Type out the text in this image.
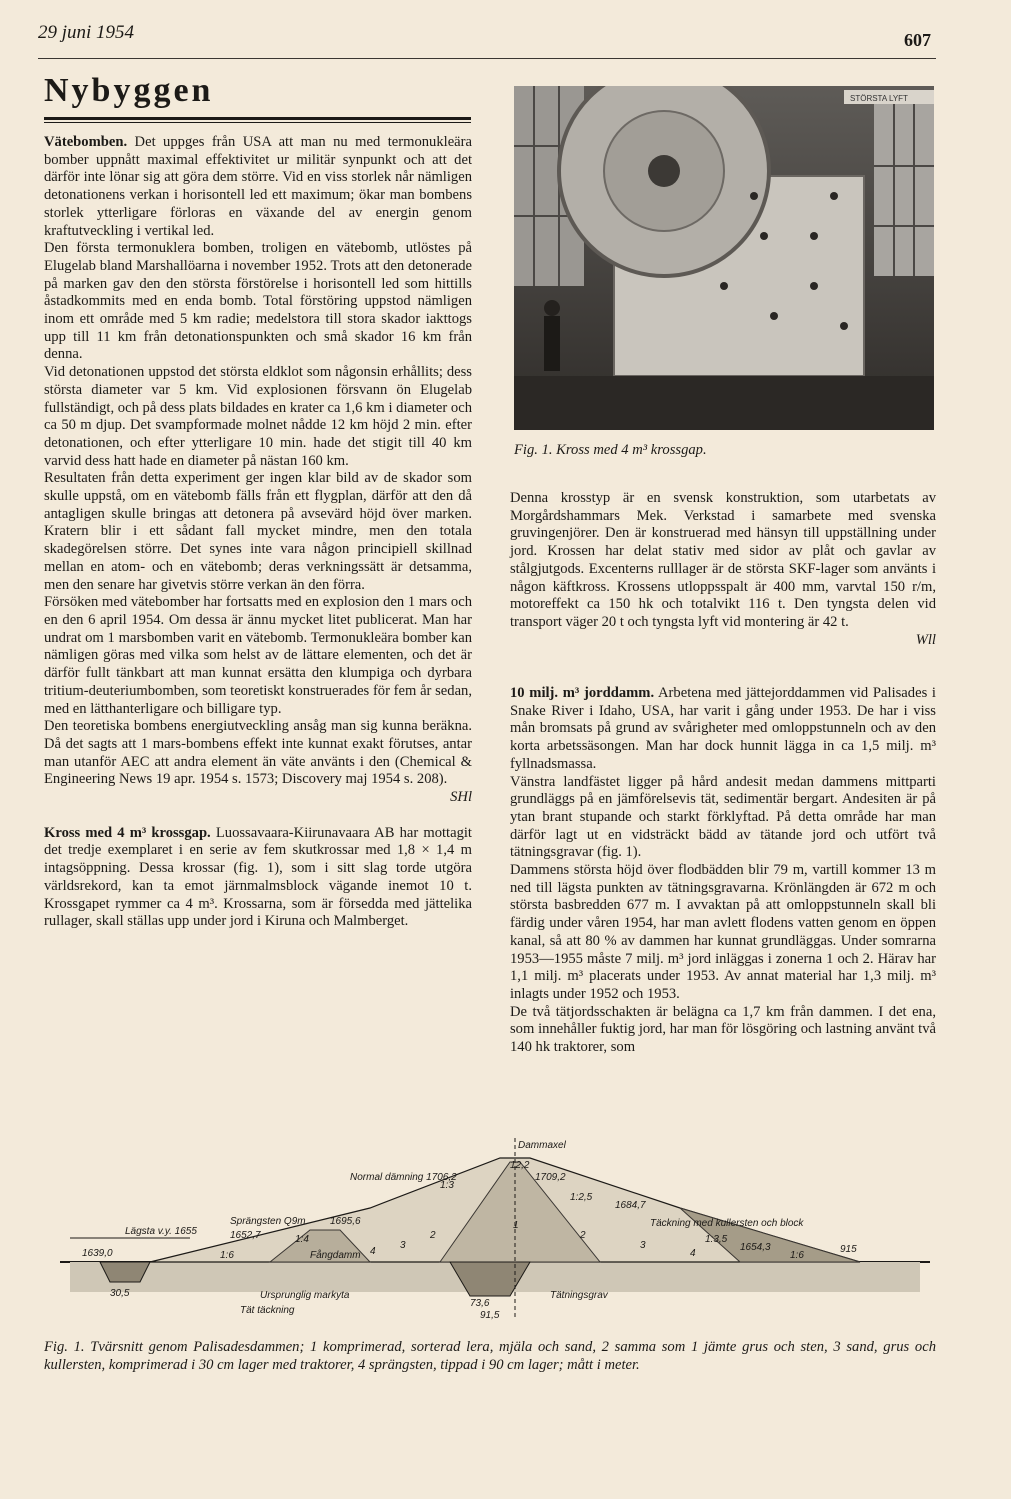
29 juni 1954	607
Nybyggen

Vätebomben. Det uppges från USA att man nu med termonukleära bomber uppnått maximal effektivitet ur militär synpunkt och att det därför inte lönar sig att göra dem större. Vid en viss storlek når nämligen detonationens verkan i horisontell led ett maximum; ökar man bombens storlek ytterligare förloras en växande del av energin genom kraftutveckling i vertikal led.

Den första termonuklera bomben, troligen en vätebomb, utlöstes på Elugelab bland Marshallöarna i november 1952. Trots att den detonerade på marken gav den den största förstörelse i horisontell led som hittills åstadkommits med en enda bomb. Total förstöring uppstod nämligen inom ett område med 5 km radie; medelstora till stora skador iakttogs upp till 11 km från detonationspunkten och små skador 16 km från denna.

Vid detonationen uppstod det största eldklot som någonsin erhållits; dess största diameter var 5 km. Vid explosionen försvann ön Elugelab fullständigt, och på dess plats bildades en krater ca 1,6 km i diameter och ca 50 m djup. Det svampformade molnet nådde 12 km höjd 2 min. efter detonationen, och efter ytterligare 10 min. hade det stigit till 40 km varvid dess hatt hade en diameter på nästan 160 km.

Resultaten från detta experiment ger ingen klar bild av de skador som skulle uppstå, om en vätebomb fälls från ett flygplan, därför att den då antagligen skulle bringas att detonera på avsevärd höjd över marken. Kratern blir i ett sådant fall mycket mindre, men den totala skadegörelsen större. Det synes inte vara någon principiell skillnad mellan en atom- och en vätebomb; deras verkningssätt är detsamma, men den senare har givetvis större verkan än den förra.

Försöken med vätebomber har fortsatts med en explosion den 1 mars och en den 6 april 1954. Om dessa är ännu mycket litet publicerat. Man har undrat om 1 marsbomben varit en vätebomb. Termonukleära bomber kan nämligen göras med vilka som helst av de lättare elementen, och det är därför fullt tänkbart att man kunnat ersätta den klumpiga och dyrbara tritium-deuteriumbomben, som teoretiskt konstruerades för fem år sedan, med en lätthanterligare och billigare typ.

Den teoretiska bombens energiutveckling ansåg man sig kunna beräkna. Då det sagts att 1 mars-bombens effekt inte kunnat exakt förutses, antar man utanför AEC att andra element än väte använts i den (Chemical & Engineering News 19 apr. 1954 s. 1573; Discovery maj 1954 s. 208).

SHl

Kross med 4 m³ krossgap. Luossavaara-Kiirunavaara AB har mottagit det tredje exemplaret i en serie av fem skutkrossar med 1,8 × 1,4 m intagsöppning. Dessa krossar (fig. 1), som i sitt slag torde utgöra världsrekord, kan ta emot järnmalmsblock vägande inemot 10 t. Krossgapet rymmer ca 4 m³. Krossarna, som är försedda med jättelika rullager, skall ställas upp under jord i Kiruna och Malmberget.

STÖRSTA LYFT
Fig. 1. Kross med 4 m³ krossgap.

Denna krosstyp är en svensk konstruktion, som utarbetats av Morgårdshammars Mek. Verkstad i samarbete med svenska gruvingenjörer. Den är konstruerad med hänsyn till uppställning under jord. Krossen har delat stativ med sidor av plåt och gavlar av stålgjutgods. Excenterns rulllager är de största SKF-lager som använts i någon käftkross. Krossens utloppsspalt är 400 mm, varvtal 150 r/m, motoreffekt ca 150 hk och totalvikt 116 t. Den tyngsta delen vid transport väger 20 t och tyngsta lyft vid montering är 42 t.

Wll

10 milj. m³ jorddamm. Arbetena med jättejorddammen vid Palisades i Snake River i Idaho, USA, har varit i gång under 1953. De har i viss mån bromsats på grund av svårigheter med omloppstunneln och av den korta arbetssäsongen. Man har dock hunnit lägga in ca 1,5 milj. m³ fyllnadsmassa.

Vänstra landfästet ligger på hård andesit medan dammens mittparti grundläggs på en jämförelsevis tät, sedimentär bergart. Andesiten är på ytan brant stupande och starkt förklyftad. På detta område har man därför lagt ut en vidsträckt bädd av tätande jord och utfört två tätningsgravar (fig. 1).

Dammens största höjd över flodbädden blir 79 m, vartill kommer 13 m ned till lägsta punkten av tätningsgravarna. Krönlängden är 672 m och största basbredden 677 m. I avvaktan på att omloppstunneln skall bli färdig under våren 1954, har man avlett flodens vatten genom en öppen kanal, så att 80 % av dammen har kunnat grundläggas. Under somrarna 1953—1955 måste 7 milj. m³ jord inläggas i zonerna 1 och 2. Härav har 1,1 milj. m³ placerats under 1953. Av annat material har 1,3 milj. m³ inlagts under 1952 och 1953.

De två tätjordsschakten är belägna ca 1,7 km från dammen. I det ena, som innehåller fuktig jord, har man för lösgöring och lastning använt två 140 hk traktorer, som

Dammaxel
Normal dämning 1706,2
12,2
1709,2
1:3
1:2,5
1684,7
Täckning med kullersten och block
Sprängsten Q9m 1695,6
Lägsta v.y. 1655	1652,7	1:4	1:3,5
1654,3	915
1639,0	1:6	1:6
Fångdamm
3
2
1
2
3
4	4
Ursprunglig markyta
Tät täckning
30,5
73,6
91,5
Tätningsgrav
Fig. 1. Tvärsnitt genom Palisadesdammen; 1 komprimerad, sorterad lera, mjäla och sand, 2 samma som 1 jämte grus och sten, 3 sand, grus och kullersten, komprimerad i 30 cm lager med traktorer, 4 sprängsten, tippad i 90 cm lager; mått i meter.
